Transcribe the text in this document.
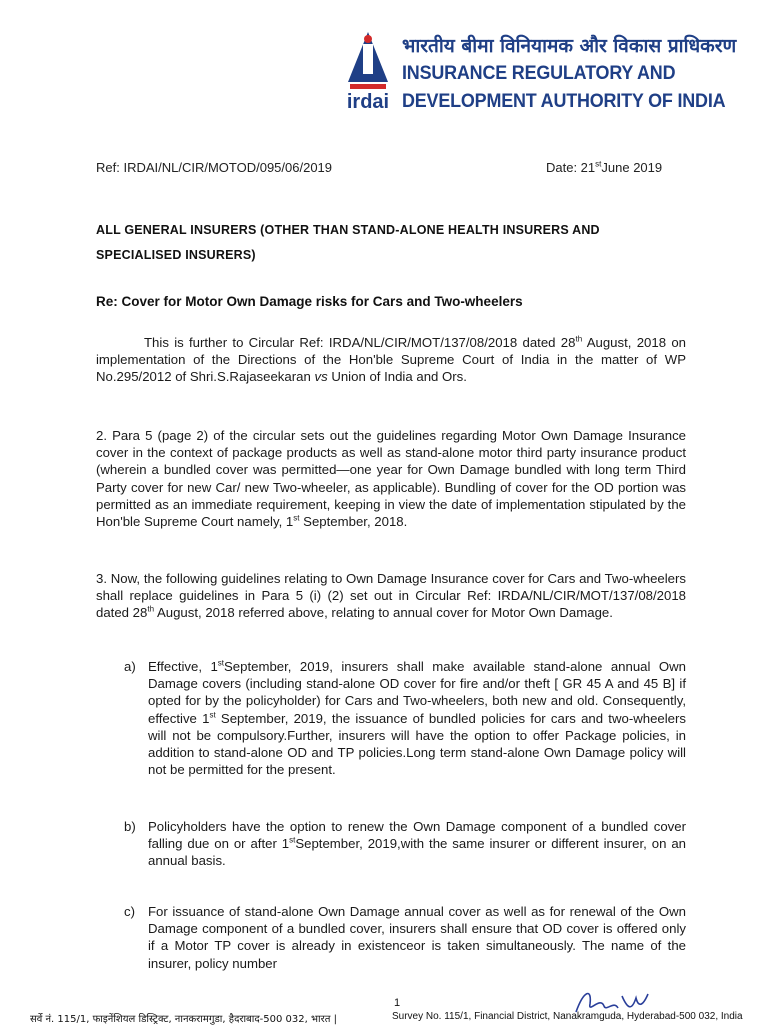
irdai
भारतीय बीमा विनियामक और विकास प्राधिकरण
INSURANCE REGULATORY AND
DEVELOPMENT AUTHORITY OF INDIA
Ref: IRDAI/NL/CIR/MOTOD/095/06/2019	Date: 21stJune 2019
ALL GENERAL INSURERS (OTHER THAN STAND-ALONE HEALTH INSURERS AND SPECIALISED INSURERS)
Re: Cover for Motor Own Damage risks for Cars and Two-wheelers
This is further to Circular Ref: IRDA/NL/CIR/MOT/137/08/2018 dated 28th August, 2018 on implementation of the Directions of the Hon'ble Supreme Court of India in the matter of WP No.295/2012 of Shri.S.Rajaseekaran vs Union of India and Ors.
2. Para 5 (page 2) of the circular sets out the guidelines regarding Motor Own Damage Insurance cover in the context of package products as well as stand-alone motor third party insurance product (wherein a bundled cover was permitted—one year for Own Damage bundled with long term Third Party cover for new Car/ new Two-wheeler, as applicable). Bundling of cover for the OD portion was permitted as an immediate requirement, keeping in view the date of implementation stipulated by the Hon'ble Supreme Court namely, 1st September, 2018.
3. Now, the following guidelines relating to Own Damage Insurance cover for Cars and Two-wheelers shall replace guidelines in Para 5 (i) (2) set out in Circular Ref: IRDA/NL/CIR/MOT/137/08/2018 dated 28th August, 2018 referred above, relating to annual cover for Motor Own Damage.
a) Effective, 1stSeptember, 2019, insurers shall make available stand-alone annual Own Damage covers (including stand-alone OD cover for fire and/or theft [ GR 45 A and 45 B] if opted for by the policyholder) for Cars and Two-wheelers, both new and old. Consequently, effective 1st September, 2019, the issuance of bundled policies for cars and two-wheelers will not be compulsory.Further, insurers will have the option to offer Package policies, in addition to stand-alone OD and TP policies.Long term stand-alone Own Damage policy will not be permitted for the present.
b) Policyholders have the option to renew the Own Damage component of a bundled cover falling due on or after 1stSeptember, 2019,with the same insurer or different insurer, on an annual basis.
c) For issuance of stand-alone Own Damage annual cover as well as for renewal of the Own Damage component of a bundled cover, insurers shall ensure that OD cover is offered only if a Motor TP cover is already in existenceor is taken simultaneously. The name of the insurer, policy number
1
सर्वे नं. 115/1, फाइनेंशियल डिस्ट्रिक्ट, नानकरामगुडा, हैदराबाद-500 032, भारत |	Survey No. 115/1, Financial District, Nanakramguda, Hyderabad-500 032, India
